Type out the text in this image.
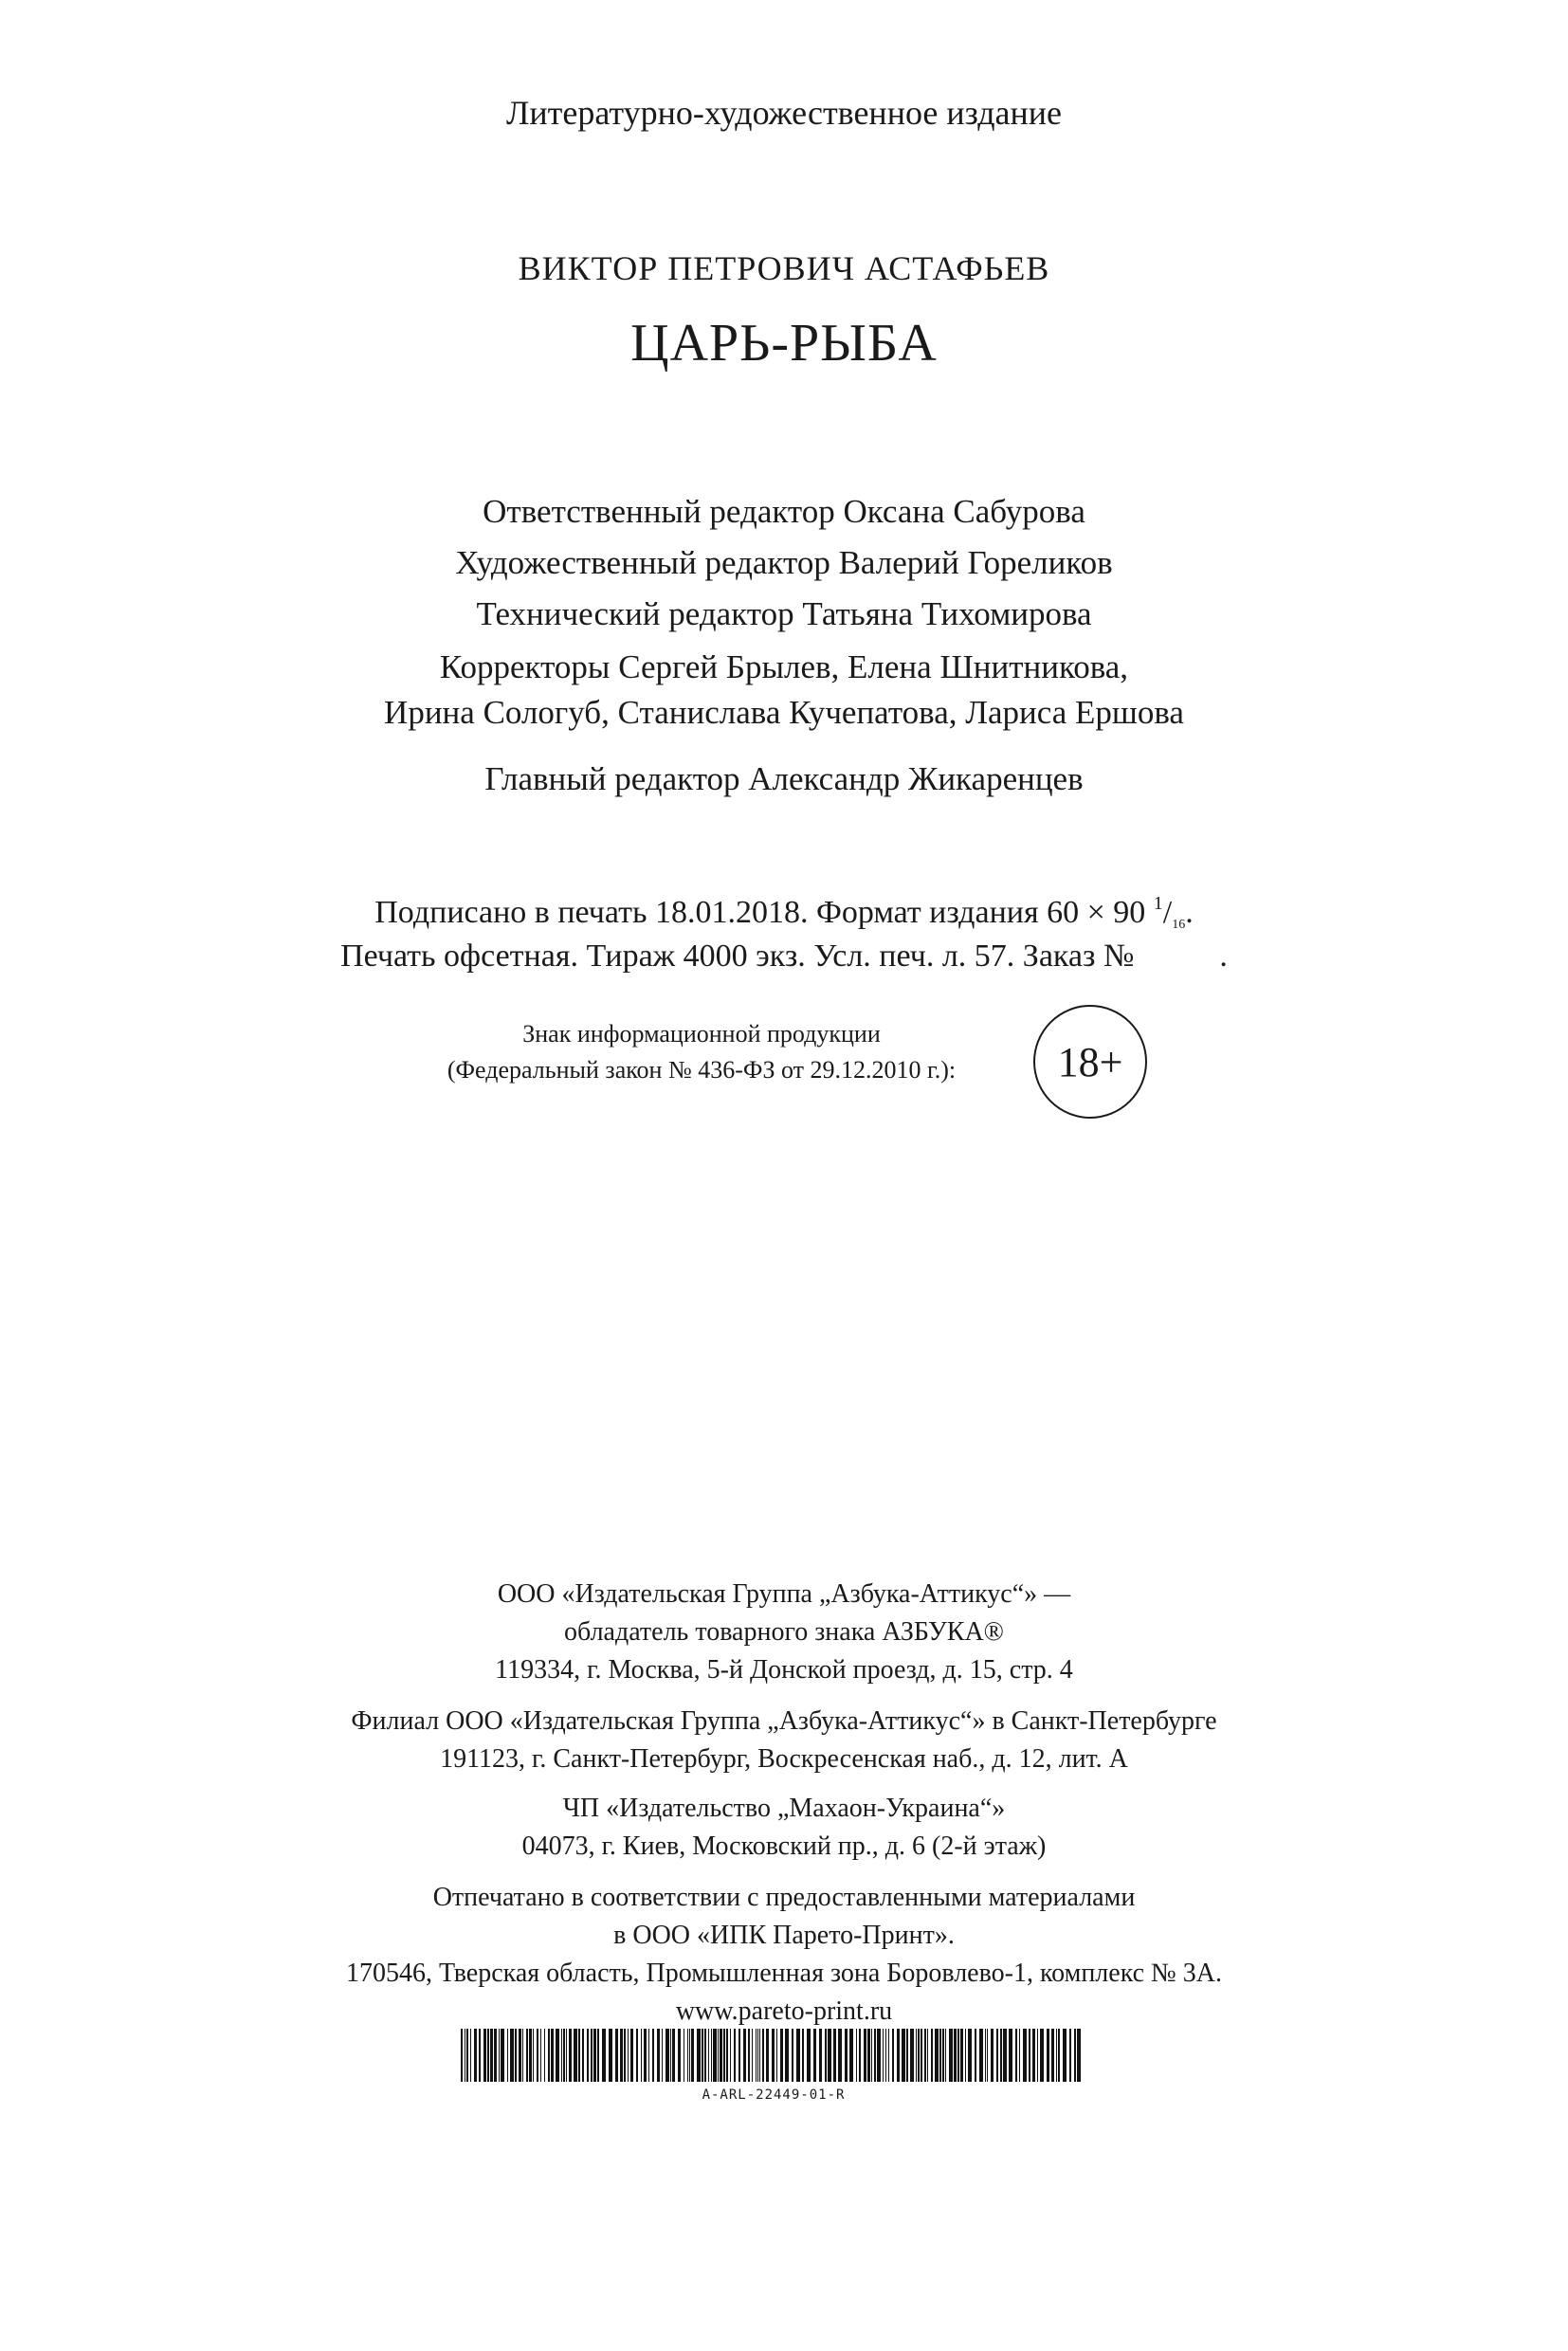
Литературно-художественное издание
ВИКТОР ПЕТРОВИЧ АСТАФЬЕВ
ЦАРЬ-РЫБА
Ответственный редактор Оксана Сабурова
Художественный редактор Валерий Гореликов
Технический редактор Татьяна Тихомирова
Корректоры Сергей Брылев, Елена Шнитникова,
Ирина Сологуб, Станислава Кучепатова, Лариса Ершова
Главный редактор Александр Жикаренцев
Подписано в печать 18.01.2018. Формат издания 60 × 90 $^1/_{16}$.
Печать офсетная. Тираж 4000 экз. Усл. печ. л. 57. Заказ №	.
Знак информационной продукции
(Федеральный закон № 436-ФЗ от 29.12.2010 г.):	18+
ООО «Издательская Группа „Азбука-Аттикус“» —
обладатель товарного знака АЗБУКА®
119334, г. Москва, 5-й Донской проезд, д. 15, стр. 4
Филиал ООО «Издательская Группа „Азбука-Аттикус“» в Санкт-Петербурге
191123, г. Санкт-Петербург, Воскресенская наб., д. 12, лит. А
ЧП «Издательство „Махаон-Украина“»
04073, г. Киев, Московский пр., д. 6 (2-й этаж)
Отпечатано в соответствии с предоставленными материалами
в ООО «ИПК Парето-Принт».
170546, Тверская область, Промышленная зона Боровлево-1, комплекс № 3А.
www.pareto-print.ru
A-ARL-22449-01-R
